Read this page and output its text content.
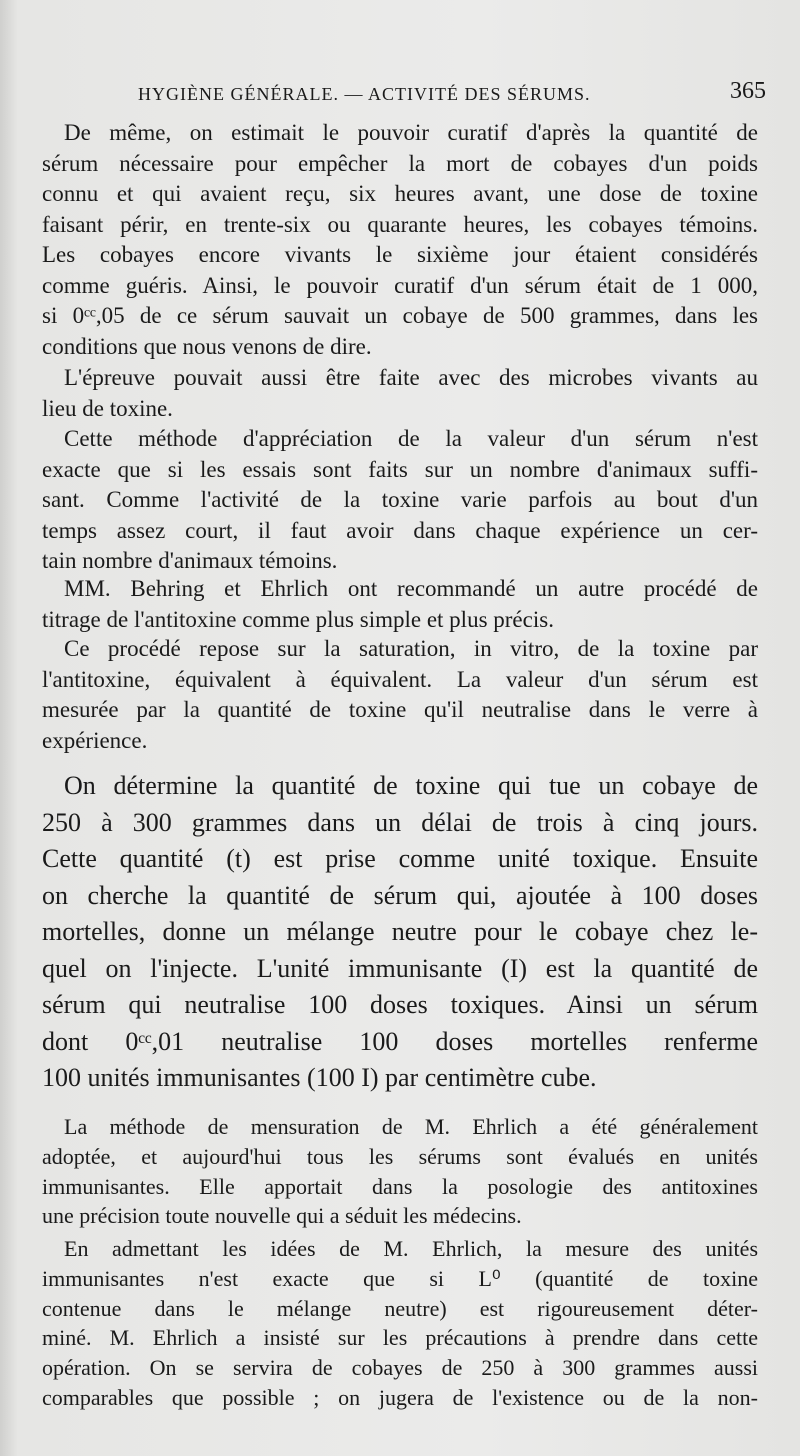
HYGIÈNE GÉNÉRALE. — ACTIVITÉ DES SÉRUMS.	365

De même, on estimait le pouvoir curatif d'après la quantité de
sérum nécessaire pour empêcher la mort de cobayes d'un poids
connu et qui avaient reçu, six heures avant, une dose de toxine
faisant périr, en trente-six ou quarante heures, les cobayes témoins.
Les cobayes encore vivants le sixième jour étaient considérés
comme guéris. Ainsi, le pouvoir curatif d'un sérum était de 1 000,
si 0ᶜᶜ,05 de ce sérum sauvait un cobaye de 500 grammes, dans les
conditions que nous venons de dire.

L'épreuve pouvait aussi être faite avec des microbes vivants au
lieu de toxine.

Cette méthode d'appréciation de la valeur d'un sérum n'est
exacte que si les essais sont faits sur un nombre d'animaux suffi-
sant. Comme l'activité de la toxine varie parfois au bout d'un
temps assez court, il faut avoir dans chaque expérience un cer-
tain nombre d'animaux témoins.

MM. Behring et Ehrlich ont recommandé un autre procédé de
titrage de l'antitoxine comme plus simple et plus précis.

Ce procédé repose sur la saturation, in vitro, de la toxine par
l'antitoxine, équivalent à équivalent. La valeur d'un sérum est
mesurée par la quantité de toxine qu'il neutralise dans le verre à
expérience.

On détermine la quantité de toxine qui tue un cobaye de
250 à 300 grammes dans un délai de trois à cinq jours.
Cette quantité (t) est prise comme unité toxique. Ensuite
on cherche la quantité de sérum qui, ajoutée à 100 doses
mortelles, donne un mélange neutre pour le cobaye chez le-
quel on l'injecte. L'unité immunisante (I) est la quantité de
sérum qui neutralise 100 doses toxiques. Ainsi un sérum
dont 0ᶜᶜ,01 neutralise 100 doses mortelles renferme
100 unités immunisantes (100 I) par centimètre cube.

La méthode de mensuration de M. Ehrlich a été généralement
adoptée, et aujourd'hui tous les sérums sont évalués en unités
immunisantes. Elle apportait dans la posologie des antitoxines
une précision toute nouvelle qui a séduit les médecins.

En admettant les idées de M. Ehrlich, la mesure des unités
immunisantes n'est exacte que si L⁰ (quantité de toxine
contenue dans le mélange neutre) est rigoureusement déter-
miné. M. Ehrlich a insisté sur les précautions à prendre dans cette
opération. On se servira de cobayes de 250 à 300 grammes aussi
comparables que possible ; on jugera de l'existence ou de la non-
